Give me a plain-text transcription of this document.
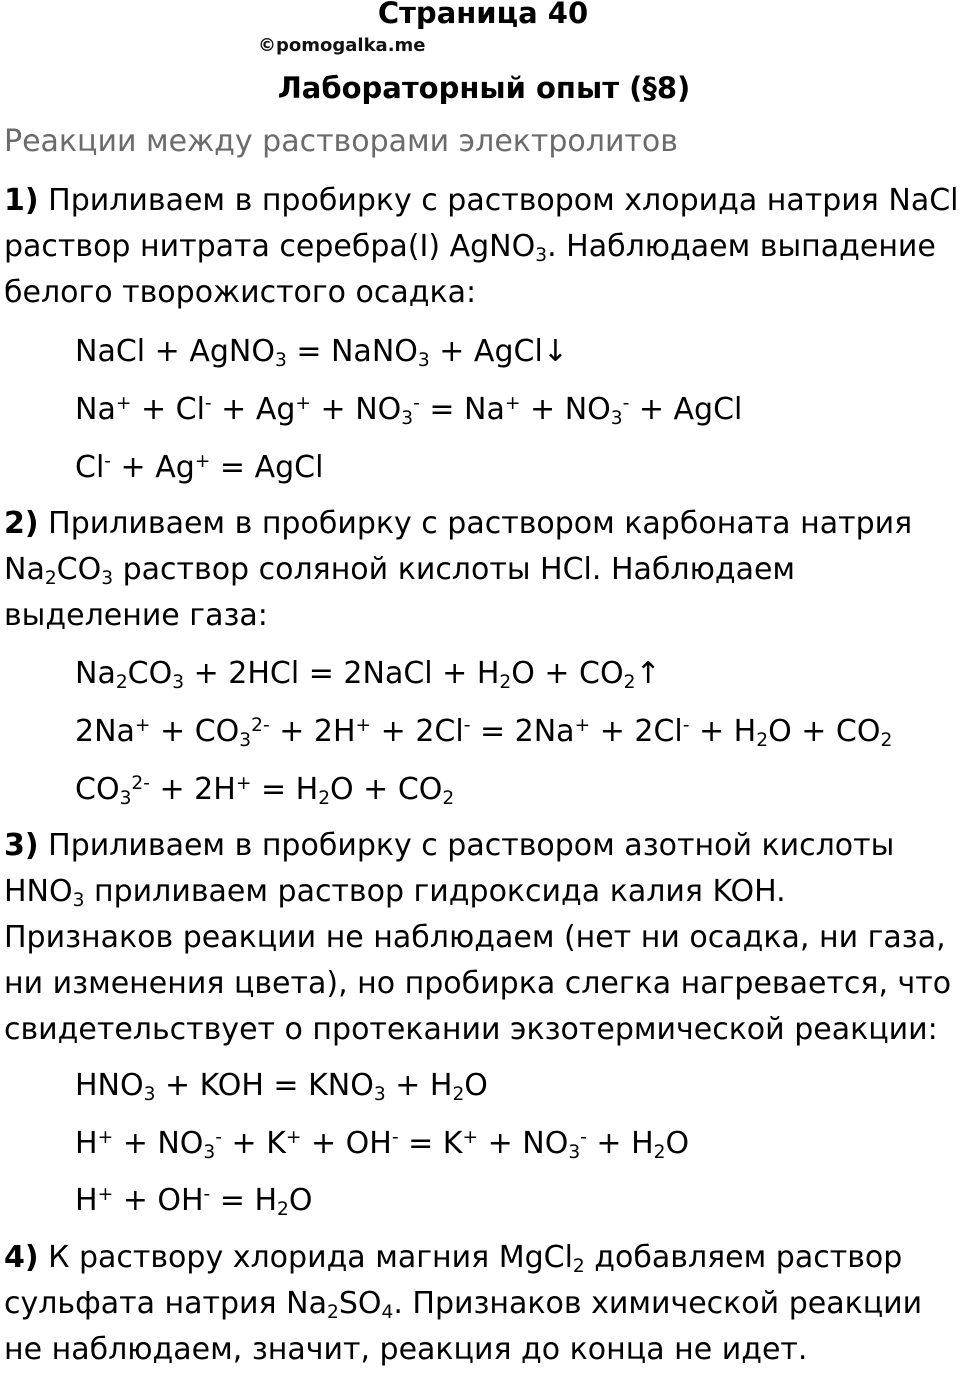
Страница 40
©pomogalka.me
Лабораторный опыт (§8)
Реакции между растворами электролитов

1) Приливаем в пробирку с раствором хлорида натрия NaCl раствор нитрата серебра(I) AgNO$_3$. Наблюдаем выпадение белого творожистого осадка:

NaCl + AgNO$_3$ = NaNO$_3$ + AgCl↓
$Na^+ + Cl^- + Ag^+ + NO_3^- = Na^+ + NO_3^-$ + AgCl
Cl- + Ag+ = AgCl

2) Приливаем в пробирку с раствором карбоната натрия $Na_2CO_3$ раствор соляной кислоты HCl. Наблюдаем выделение газа:

$Na_2CO_3 + 2HCl$ = 2NaCl + $H_2O$ + $CO_2↑$
$2Na^+ + CO_3^{2-} + 2H^+ + 2Cl^- = 2Na^+ + 2Cl^- + H_2O + CO_2$
$CO_3^{2-} + 2H^+ = H_2O + CO_2$

3) Приливаем в пробирку с раствором азотной кислоты $HNO_3$ приливаем раствор гидроксида калия KOH. Признаков реакции не наблюдаем (нет ни осадка, ни газа, ни изменения цвета), но пробирка слегка нагревается, что свидетельствует о протекании экзотермической реакции:

$HNO_3$ + KOH = $KNO_3 + H_2O$
$H^+ + NO_3^- + K^+ + OH^- = K^+ + NO_3^- + H_2O$
$H^+ + OH^- = H_2O$

4) К раствору хлорида магния MgCl$_2$ добавляем раствор сульфата натрия $Na_2SO_4$. Признаков химической реакции не наблюдаем, значит, реакция до конца не идет.
